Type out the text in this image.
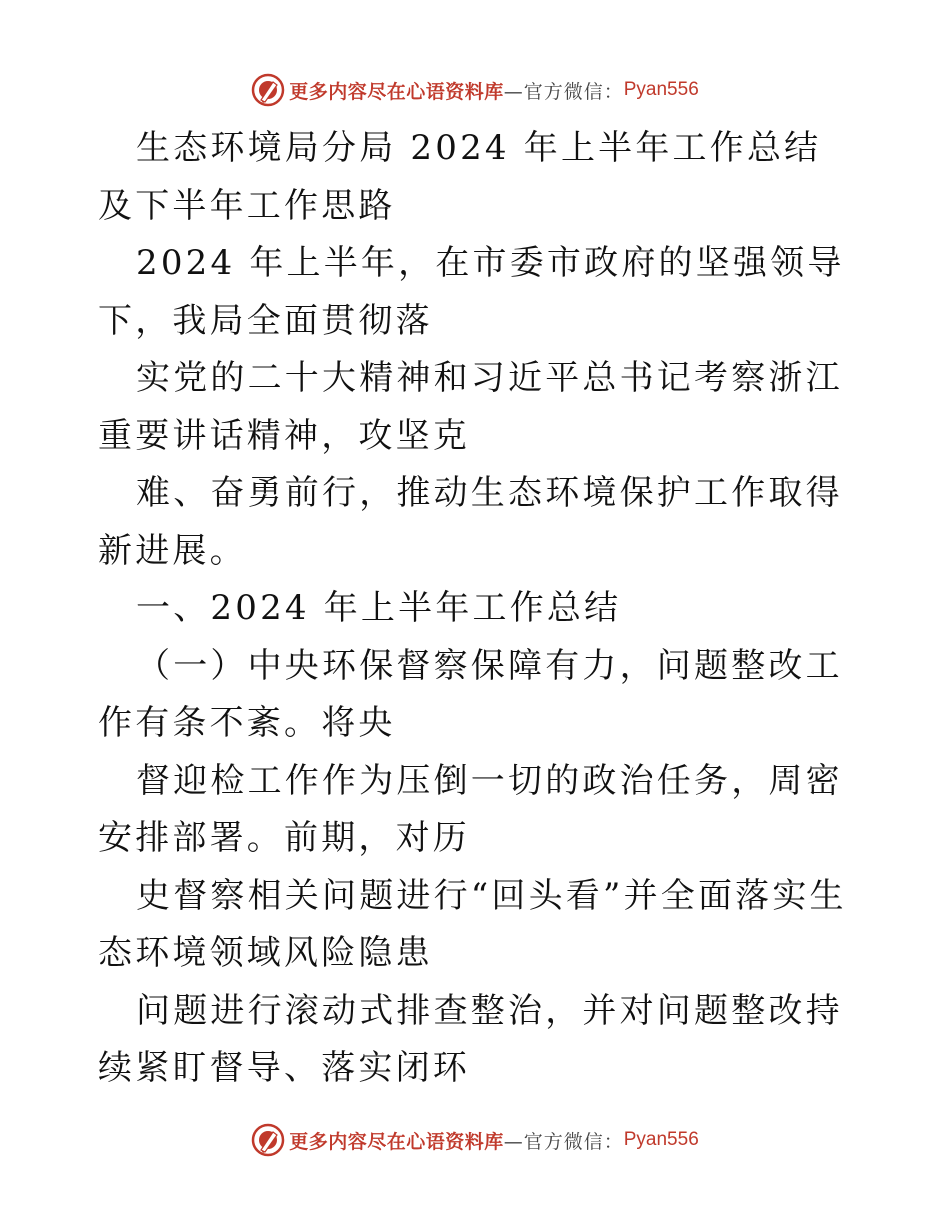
更多内容尽在心语资料库 —官方微信： Pyan556

生态环境局分局 2024 年上半年工作总结及下半年工作思路

2024 年上半年，在市委市政府的坚强领导下，我局全面贯彻落

实党的二十大精神和习近平总书记考察浙江重要讲话精神，攻坚克

难、奋勇前行，推动生态环境保护工作取得新进展。

一、2024 年上半年工作总结

（一）中央环保督察保障有力，问题整改工作有条不紊。将央

督迎检工作作为压倒一切的政治任务，周密安排部署。前期，对历

史督察相关问题进行“回头看”并全面落实生态环境领域风险隐患

问题进行滚动式排查整治，并对问题整改持续紧盯督导、落实闭环

更多内容尽在心语资料库 —官方微信： Pyan556
